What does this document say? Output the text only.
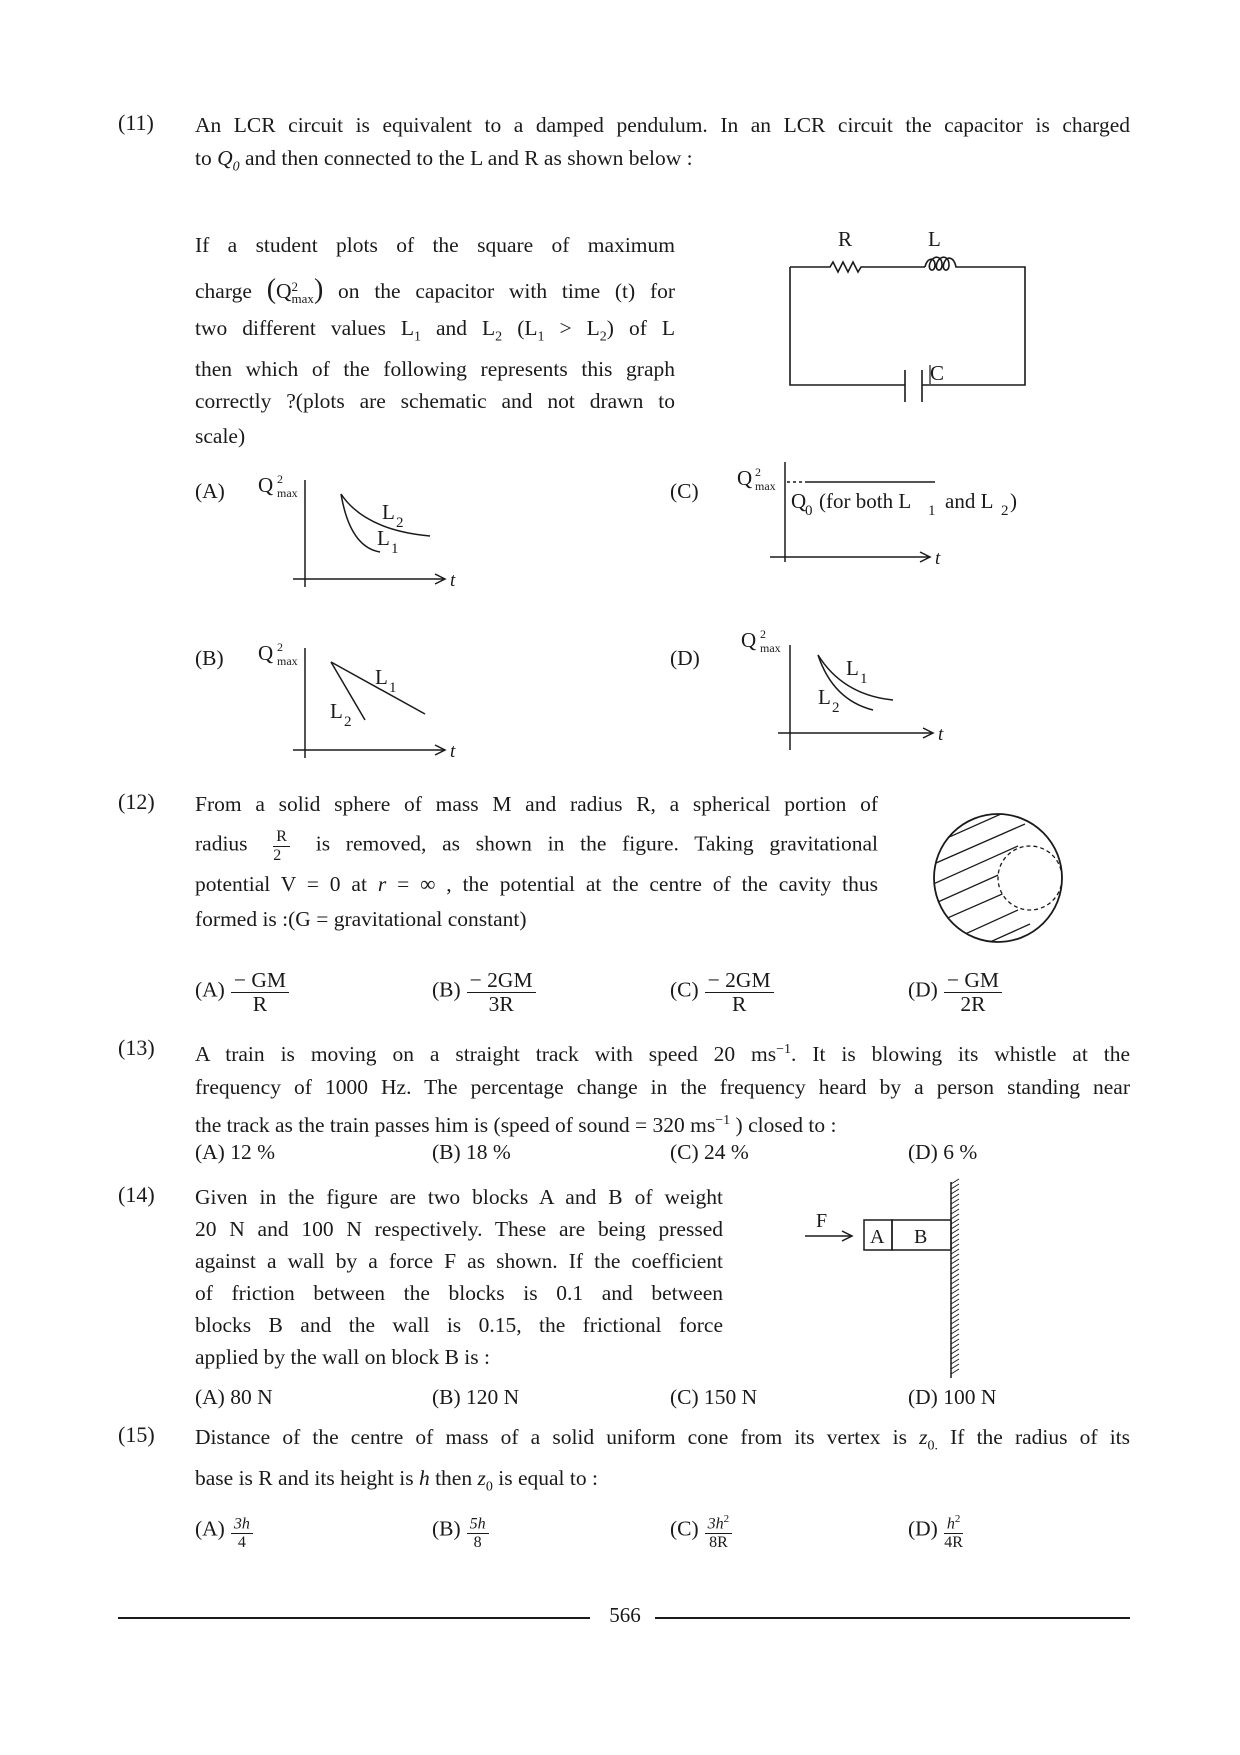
(11) An LCR circuit is equivalent to a damped pendulum. In an LCR circuit the capacitor is charged
to $Q_0$ and then connected to the L and R as shown below :
If a student plots of the square of maximum
charge (Q 2
max ) on the capacitor with time (t) for
two different values $L_1$ and $L_2$ $(L_1 > L_2)$ of L
then which of the following represents this graph
correctly ?(plots are schematic and not drawn to
scale)
R	L
C
(A)
(B)
(C)
(D)
Q 2
max
t
L 2
L 1
Q 2
max
t
L 1
L 2
Q 2
max
t
Q
0 (for both L 1 and L 2 )
Q 2
max
t
L 1
L 2
(12) From a solid sphere of mass M and radius R, a spherical portion of
radius $\frac{R}{2}$ is removed, as shown in the figure. Taking gravitational
potential V = 0 at r = ∞ , the potential at the centre of the cavity thus
formed is :(G = gravitational constant)
$(A) \frac{- GM}{R}$	$(B) \frac{- 2GM}{3R}$	$(C) \frac{- 2GM}{R}$	$(D) \frac{- GM}{2R}$
(13) A train is moving on a straight track with speed 20 $ms^{-1}$. It is blowing its whistle at the
frequency of 1000 Hz. The percentage change in the frequency heard by a person standing near
the track as the train passes him is (speed of sound = 320 $ms^{-1}$ ) closed to :
(A) 12 %	(B) 18 %	(C) 24 %	(D) 6 %
(14) Given in the figure are two blocks A and B of weight
20 N and 100 N respectively. These are being pressed
against a wall by a force F as shown. If the coefficient
of friction between the blocks is 0.1 and between
blocks B and the wall is 0.15, the frictional force
applied by the wall on block B is :
F
A B
(A) 80 N	(B) 120 N	(C) 150 N	(D) 100 N
(15) Distance of the centre of mass of a solid uniform cone from its vertex is $z_{0.}$ If the radius of its
base is R and its height is h then $z_0$ is equal to :
$(A) \frac{3h}{4}$	$(B) \frac{5h}{8}$	$(C) \frac{3h^2}{8R}$	$(D) \frac{h^2}{4R}$
566
